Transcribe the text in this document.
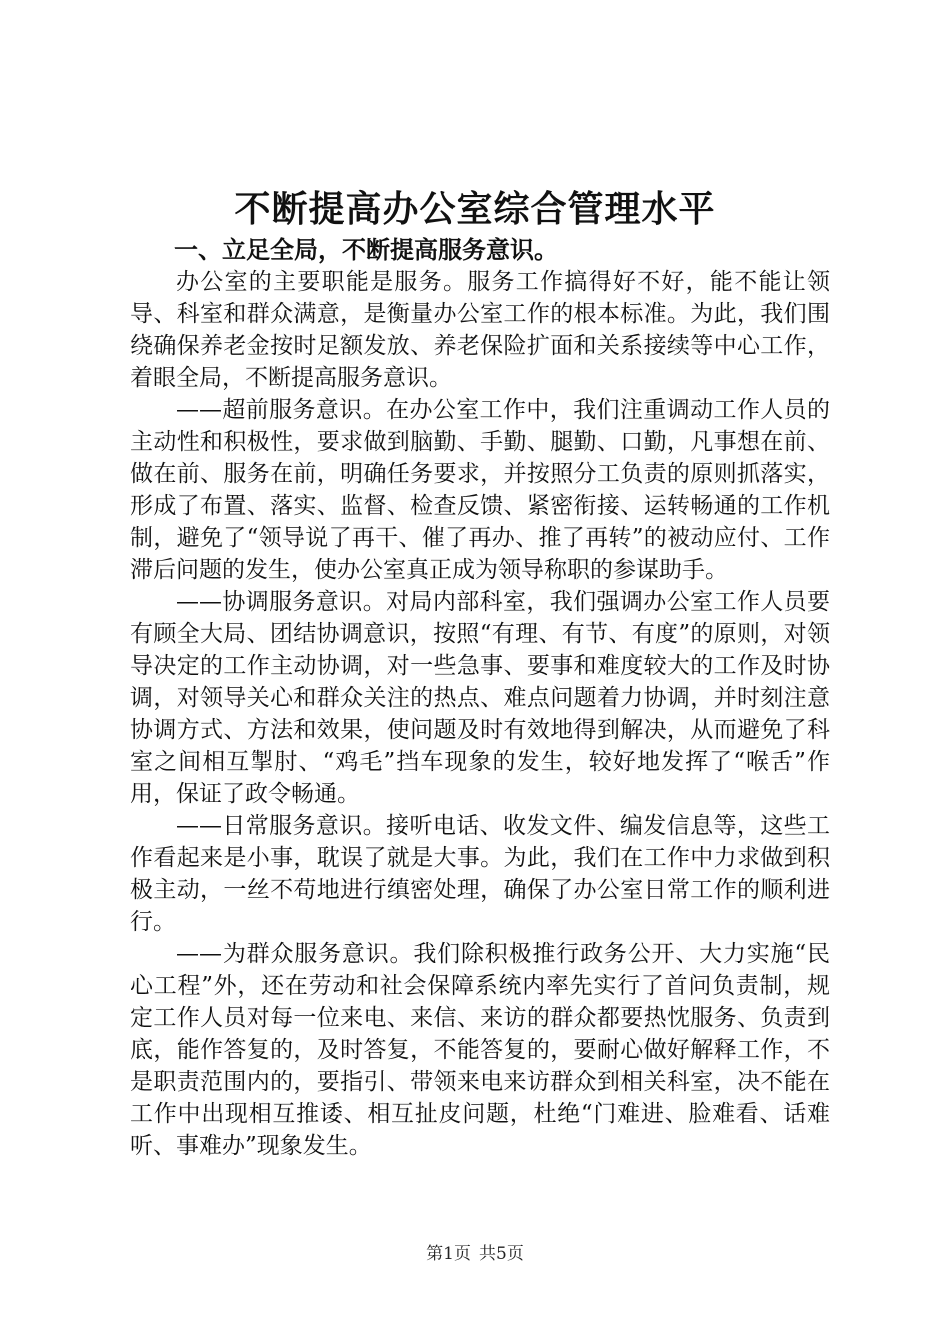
不断提高办公室综合管理水平

一、立足全局，不断提高服务意识。

办公室的主要职能是服务。服务工作搞得好不好，能不能让领导、科室和群众满意，是衡量办公室工作的根本标准。为此，我们围绕确保养老金按时足额发放、养老保险扩面和关系接续等中心工作，着眼全局，不断提高服务意识。

——超前服务意识。在办公室工作中，我们注重调动工作人员的主动性和积极性，要求做到脑勤、手勤、腿勤、口勤，凡事想在前、做在前、服务在前，明确任务要求，并按照分工负责的原则抓落实，形成了布置、落实、监督、检查反馈、紧密衔接、运转畅通的工作机制，避免了“领导说了再干、催了再办、推了再转”的被动应付、工作滞后问题的发生，使办公室真正成为领导称职的参谋助手。

——协调服务意识。对局内部科室，我们强调办公室工作人员要有顾全大局、团结协调意识，按照“有理、有节、有度”的原则，对领导决定的工作主动协调，对一些急事、要事和难度较大的工作及时协调，对领导关心和群众关注的热点、难点问题着力协调，并时刻注意协调方式、方法和效果，使问题及时有效地得到解决，从而避免了科室之间相互掣肘、“鸡毛”挡车现象的发生，较好地发挥了“喉舌”作用，保证了政令畅通。

——日常服务意识。接听电话、收发文件、编发信息等，这些工作看起来是小事，耽误了就是大事。为此，我们在工作中力求做到积极主动，一丝不苟地进行缜密处理，确保了办公室日常工作的顺利进行。

——为群众服务意识。我们除积极推行政务公开、大力实施“民心工程”外，还在劳动和社会保障系统内率先实行了首问负责制，规定工作人员对每一位来电、来信、来访的群众都要热忱服务、负责到底，能作答复的，及时答复，不能答复的，要耐心做好解释工作，不是职责范围内的，要指引、带领来电来访群众到相关科室，决不能在工作中出现相互推诿、相互扯皮问题，杜绝“门难进、脸难看、话难听、事难办”现象发生。

第1页 共5页
